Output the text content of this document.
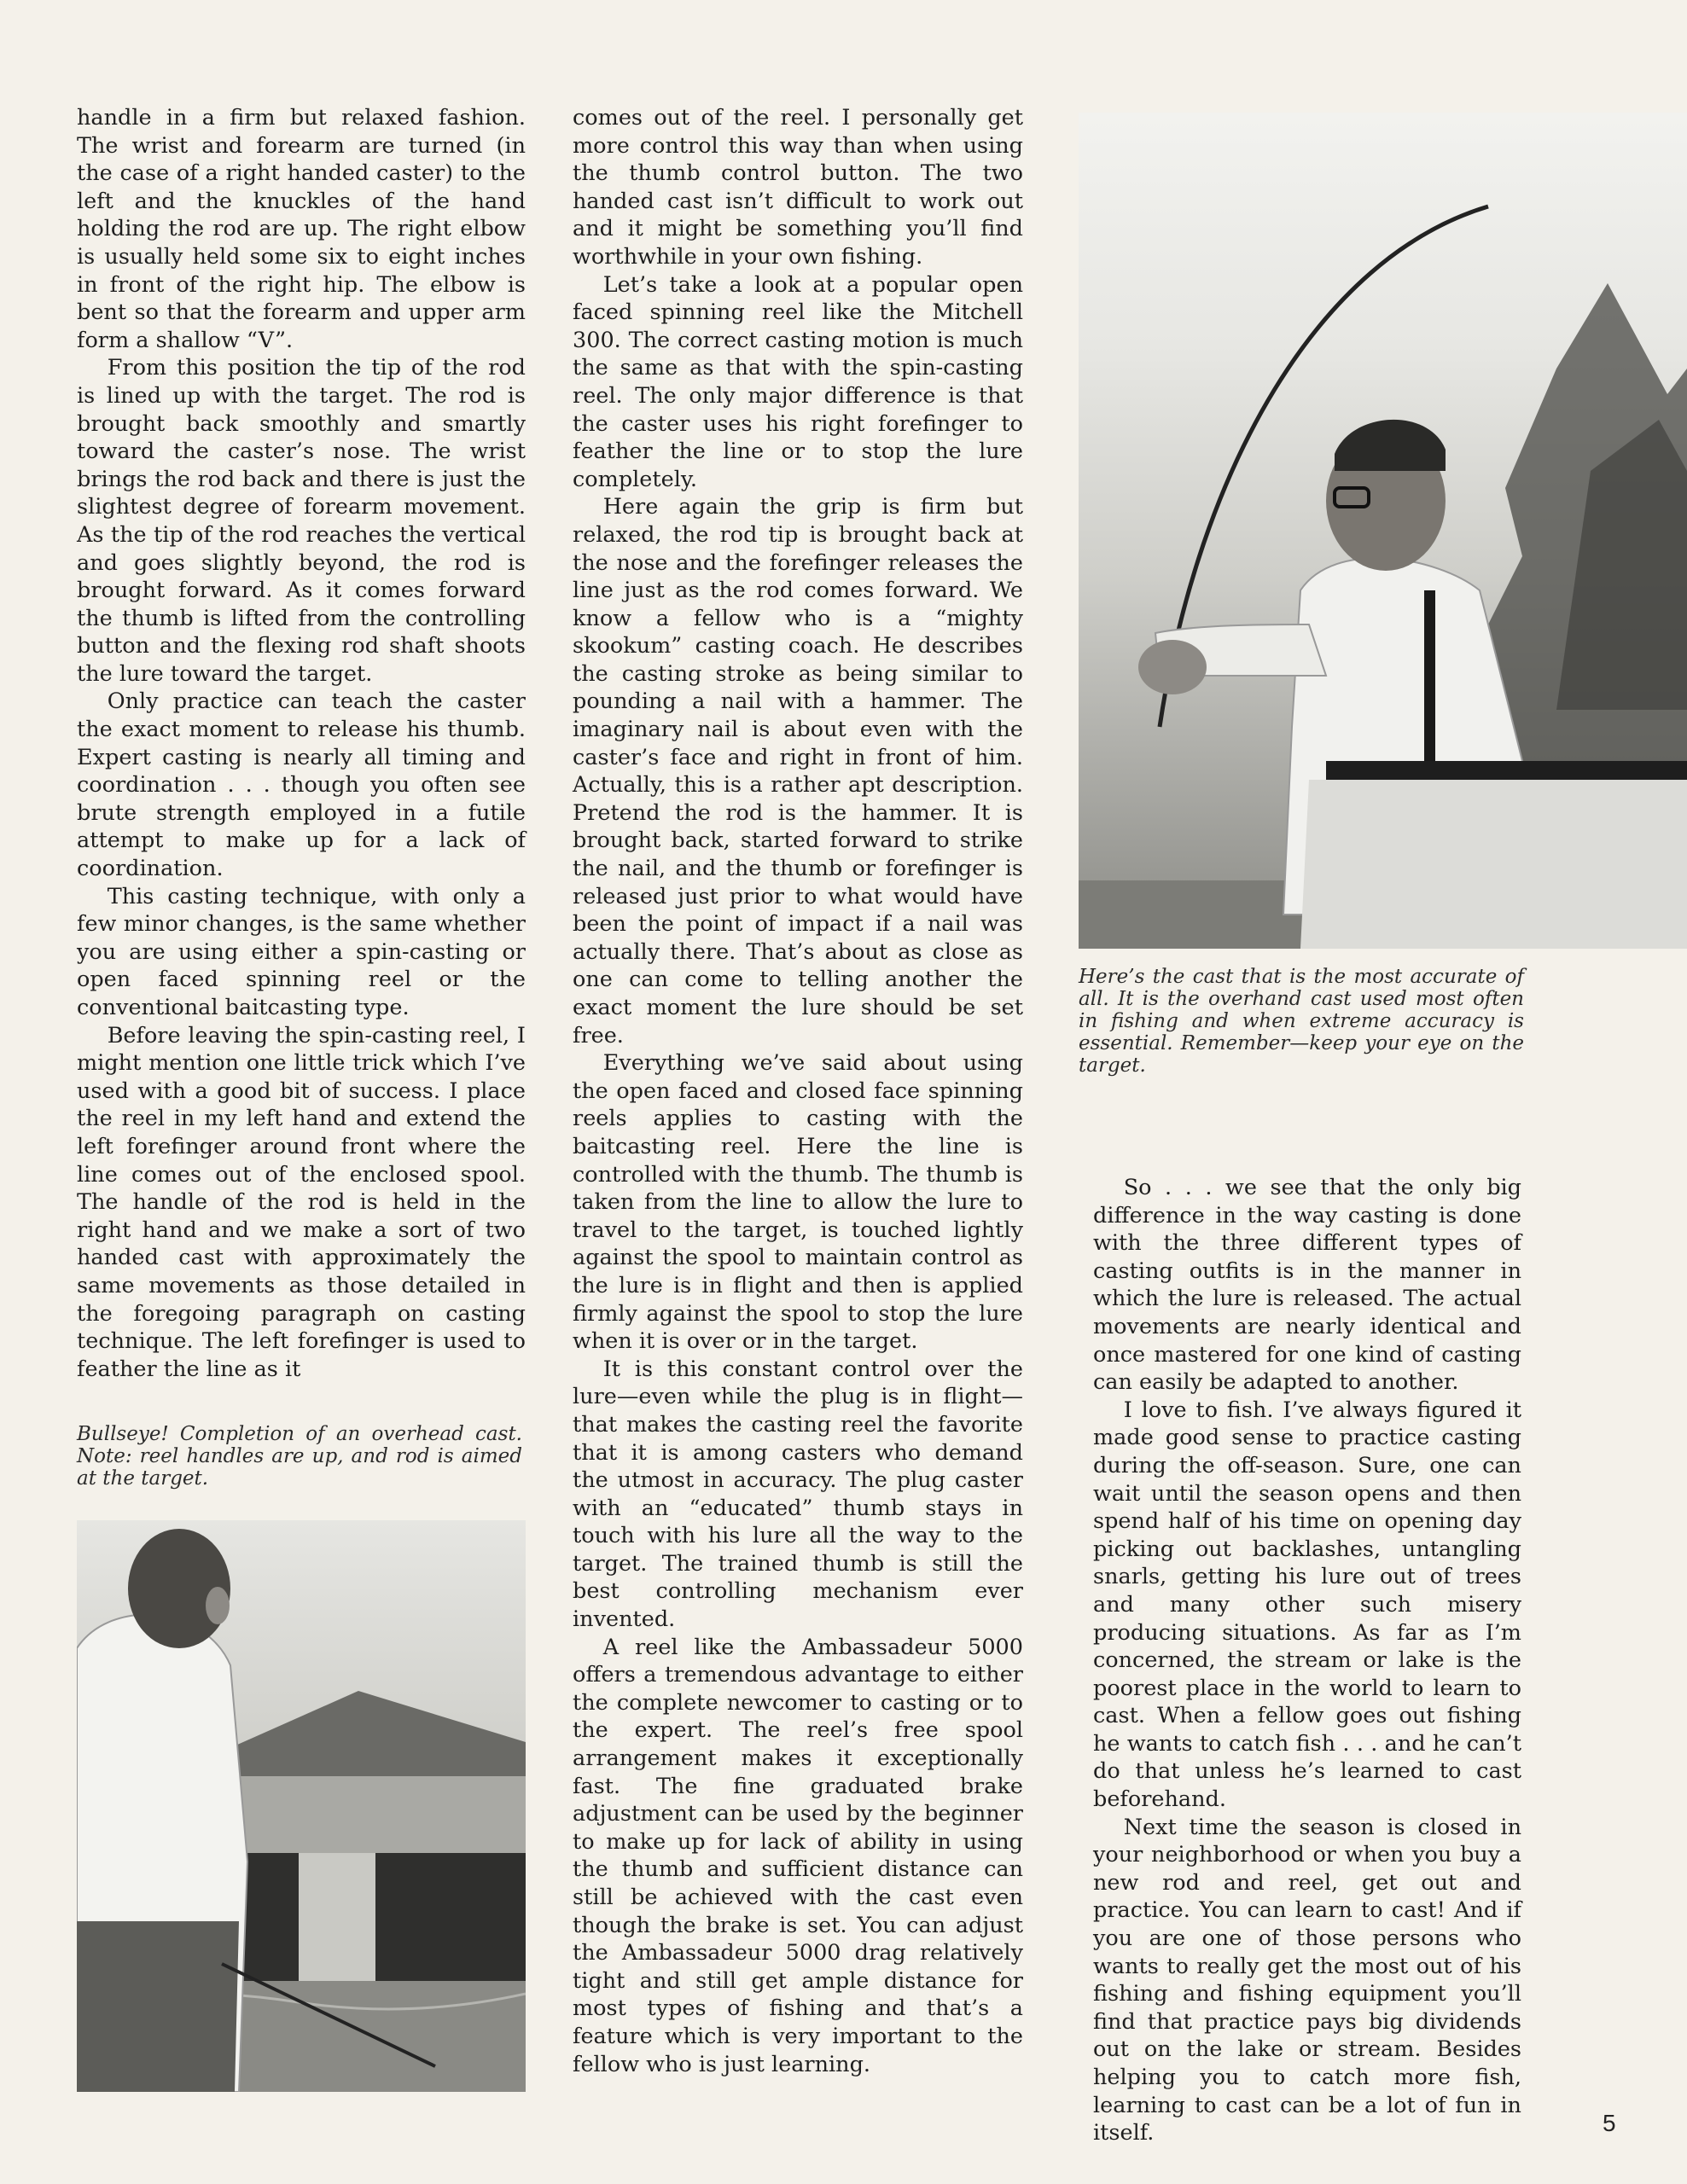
handle in a firm but relaxed fashion. The wrist and forearm are turned (in the case of a right handed caster) to the left and the knuckles of the hand holding the rod are up. The right elbow is usually held some six to eight inches in front of the right hip. The elbow is bent so that the forearm and upper arm form a shallow “V”.

From this position the tip of the rod is lined up with the target. The rod is brought back smoothly and smartly toward the caster’s nose. The wrist brings the rod back and there is just the slightest degree of forearm movement. As the tip of the rod reaches the vertical and goes slightly beyond, the rod is brought forward. As it comes forward the thumb is lifted from the controlling button and the flexing rod shaft shoots the lure toward the target.

Only practice can teach the caster the exact moment to release his thumb. Expert casting is nearly all timing and coordination . . . though you often see brute strength employed in a futile attempt to make up for a lack of coordination.

This casting technique, with only a few minor changes, is the same whether you are using either a spin-casting or open faced spinning reel or the conventional baitcasting type.

Before leaving the spin-casting reel, I might mention one little trick which I’ve used with a good bit of success. I place the reel in my left hand and extend the left forefinger around front where the line comes out of the enclosed spool. The handle of the rod is held in the right hand and we make a sort of two handed cast with approximately the same movements as those detailed in the foregoing paragraph on casting technique. The left forefinger is used to feather the line as it

comes out of the reel. I personally get more control this way than when using the thumb control button. The two handed cast isn’t difficult to work out and it might be something you’ll find worthwhile in your own fishing.

Let’s take a look at a popular open faced spinning reel like the Mitchell 300. The correct casting motion is much the same as that with the spin-casting reel. The only major difference is that the caster uses his right forefinger to feather the line or to stop the lure completely.

Here again the grip is firm but relaxed, the rod tip is brought back at the nose and the forefinger releases the line just as the rod comes forward. We know a fellow who is a “mighty skookum” casting coach. He describes the casting stroke as being similar to pounding a nail with a hammer. The imaginary nail is about even with the caster’s face and right in front of him. Actually, this is a rather apt description. Pretend the rod is the hammer. It is brought back, started forward to strike the nail, and the thumb or forefinger is released just prior to what would have been the point of impact if a nail was actually there. That’s about as close as one can come to telling another the exact moment the lure should be set free.

Everything we’ve said about using the open faced and closed face spinning reels applies to casting with the baitcasting reel. Here the line is controlled with the thumb. The thumb is taken from the line to allow the lure to travel to the target, is touched lightly against the spool to maintain control as the lure is in flight and then is applied firmly against the spool to stop the lure when it is over or in the target.

It is this constant control over the lure—even while the plug is in flight—that makes the casting reel the favorite that it is among casters who demand the utmost in accuracy. The plug caster with an “educated” thumb stays in touch with his lure all the way to the target. The trained thumb is still the best controlling mechanism ever invented.

A reel like the Ambassadeur 5000 offers a tremendous advantage to either the complete newcomer to casting or to the expert. The reel’s free spool arrangement makes it exceptionally fast. The fine graduated brake adjustment can be used by the beginner to make up for lack of ability in using the thumb and sufficient distance can still be achieved with the cast even though the brake is set. You can adjust the Ambassadeur 5000 drag relatively tight and still get ample distance for most types of fishing and that’s a feature which is very important to the fellow who is just learning.

Here’s the cast that is the most accurate of all. It is the overhand cast used most often in fishing and when extreme accuracy is essential. Remember—keep your eye on the target.
Bullseye! Completion of an overhead cast. Note: reel handles are up, and rod is aimed at the target.

So . . . we see that the only big difference in the way casting is done with the three different types of casting outfits is in the manner in which the lure is released. The actual movements are nearly identical and once mastered for one kind of casting can easily be adapted to another.

I love to fish. I’ve always figured it made good sense to practice casting during the off-season. Sure, one can wait until the season opens and then spend half of his time on opening day picking out backlashes, untangling snarls, getting his lure out of trees and many other such misery producing situations. As far as I’m concerned, the stream or lake is the poorest place in the world to learn to cast. When a fellow goes out fishing he wants to catch fish . . . and he can’t do that unless he’s learned to cast beforehand.

Next time the season is closed in your neighborhood or when you buy a new rod and reel, get out and practice. You can learn to cast! And if you are one of those persons who wants to really get the most out of his fishing and fishing equipment you’ll find that practice pays big dividends out on the lake or stream. Besides helping you to catch more fish, learning to cast can be a lot of fun in itself.	5
